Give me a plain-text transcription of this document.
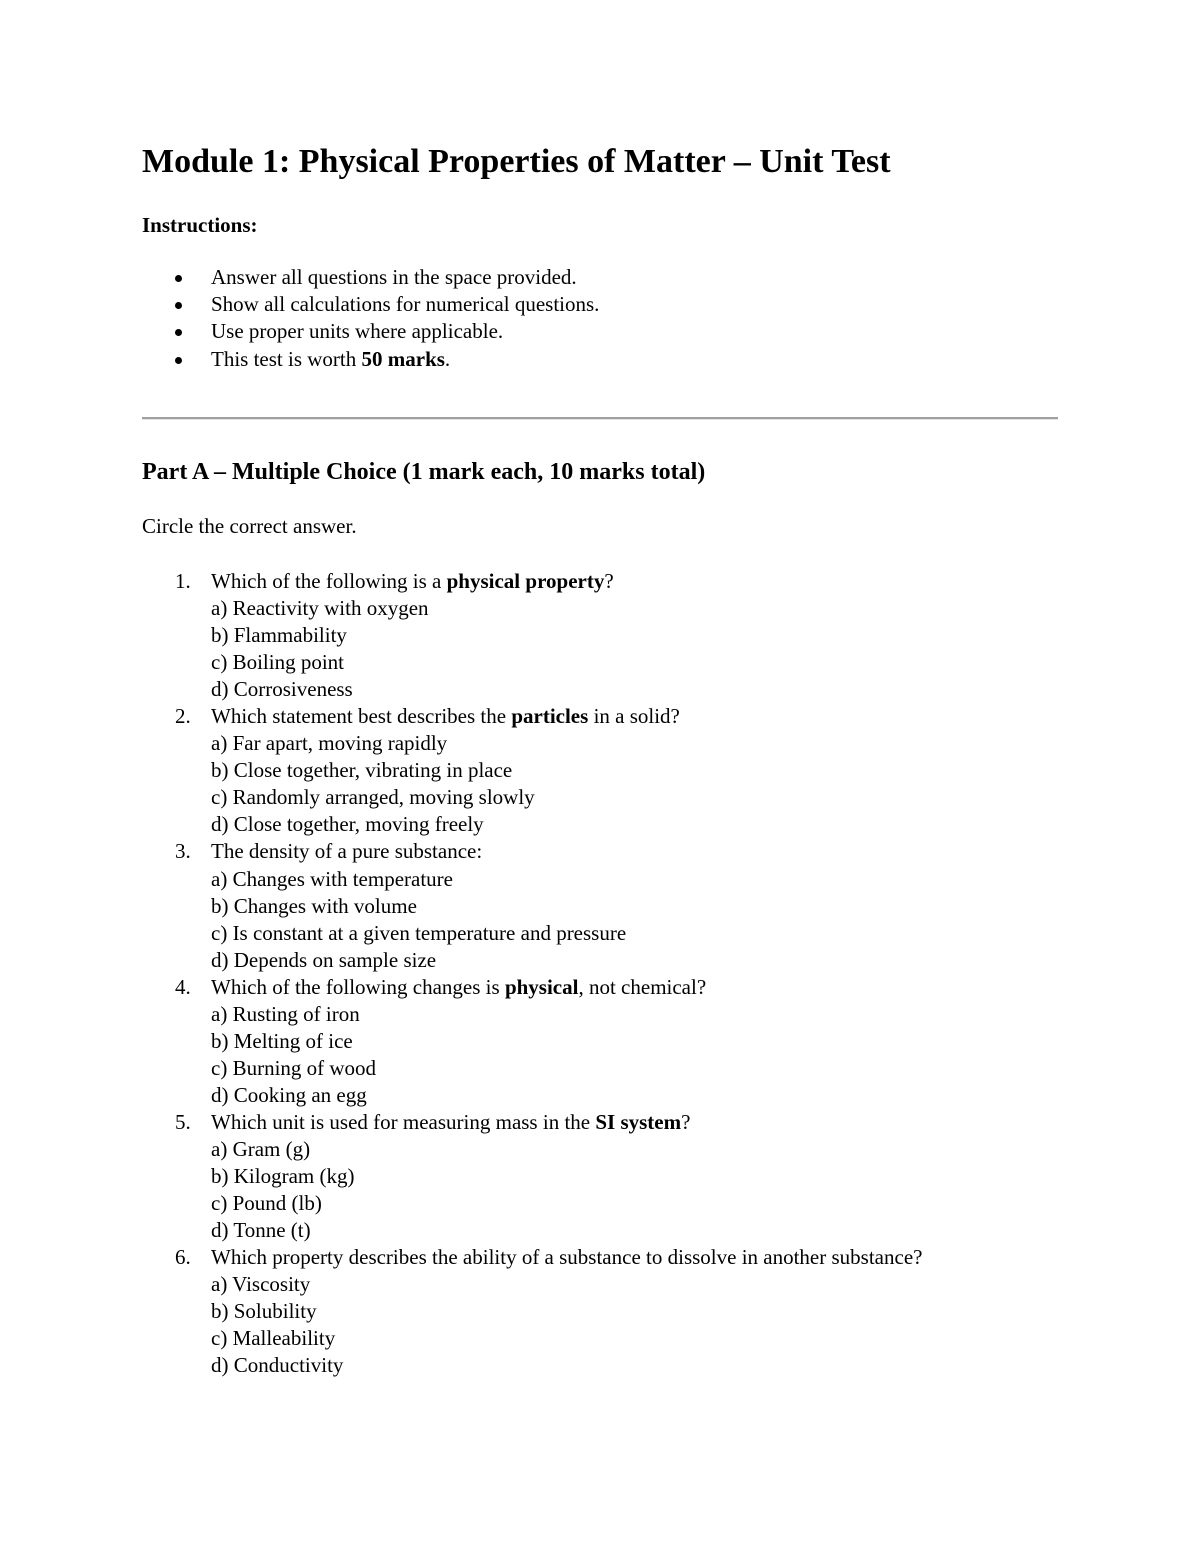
Module 1: Physical Properties of Matter – Unit Test
Instructions:
Answer all questions in the space provided.
Show all calculations for numerical questions.
Use proper units where applicable.
This test is worth 50 marks.
Part A – Multiple Choice (1 mark each, 10 marks total)
Circle the correct answer.
1. Which of the following is a physical property?
a) Reactivity with oxygen
b) Flammability
c) Boiling point
d) Corrosiveness
2. Which statement best describes the particles in a solid?
a) Far apart, moving rapidly
b) Close together, vibrating in place
c) Randomly arranged, moving slowly
d) Close together, moving freely
3. The density of a pure substance:
a) Changes with temperature
b) Changes with volume
c) Is constant at a given temperature and pressure
d) Depends on sample size
4. Which of the following changes is physical, not chemical?
a) Rusting of iron
b) Melting of ice
c) Burning of wood
d) Cooking an egg
5. Which unit is used for measuring mass in the SI system?
a) Gram (g)
b) Kilogram (kg)
c) Pound (lb)
d) Tonne (t)
6. Which property describes the ability of a substance to dissolve in another substance?
a) Viscosity
b) Solubility
c) Malleability
d) Conductivity
